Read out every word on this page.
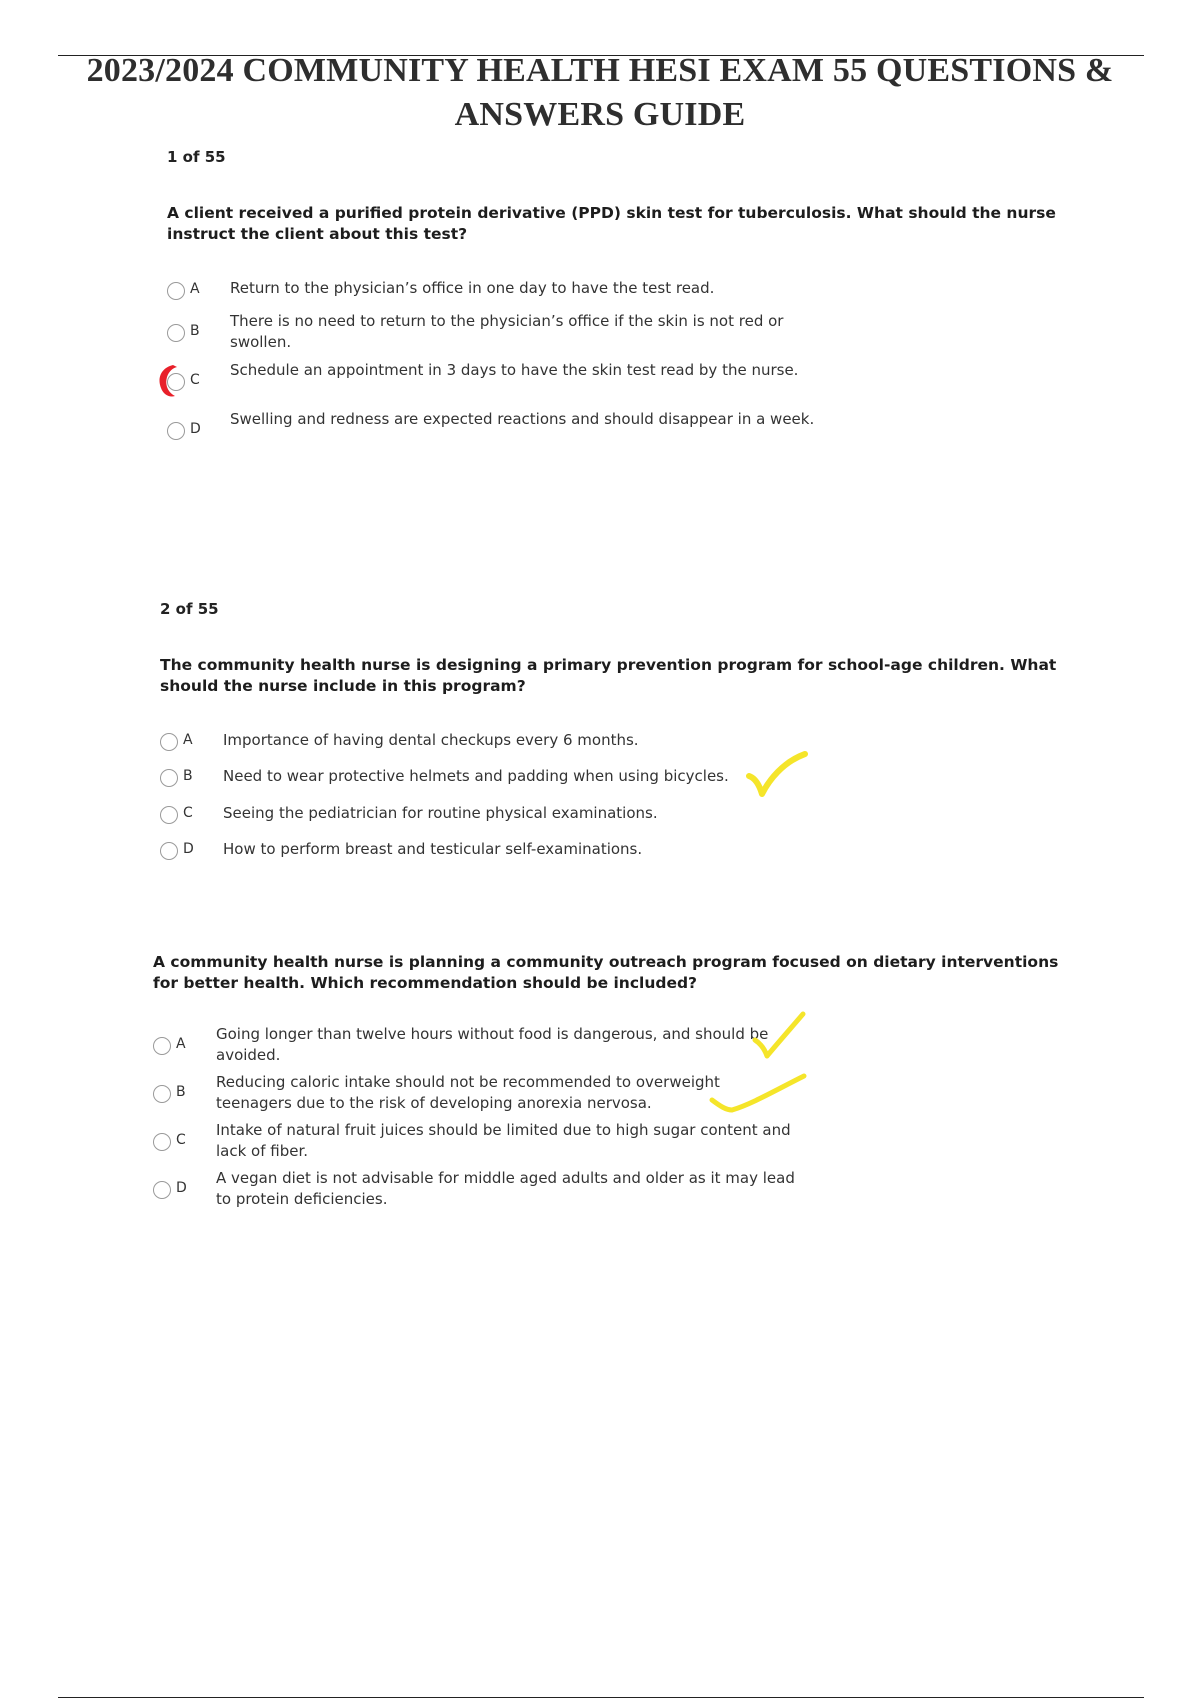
2023/2024 COMMUNITY HEALTH HESI EXAM 55 QUESTIONS & ANSWERS GUIDE
1 of 55

A client received a purified protein derivative (PPD) skin test for tuberculosis. What should the nurse instruct the client about this test?

A Return to the physician’s office in one day to have the test read.
B
There is no need to return to the physician’s office if the skin is not red or swollen.
C
Schedule an appointment in 3 days to have the skin test read by the nurse.
D
Swelling and redness are expected reactions and should disappear in a week.
2 of 55

The community health nurse is designing a primary prevention program for school-age children. What should the nurse include in this program?

A Importance of having dental checkups every 6 months.
B Need to wear protective helmets and padding when using bicycles.
C Seeing the pediatrician for routine physical examinations.
D How to perform breast and testicular self-examinations.

A community health nurse is planning a community outreach program focused on dietary interventions for better health. Which recommendation should be included?

A
Going longer than twelve hours without food is dangerous, and should be avoided.
B
Reducing caloric intake should not be recommended to overweight teenagers due to the risk of developing anorexia nervosa.
C
Intake of natural fruit juices should be limited due to high sugar content and lack of fiber.
D
A vegan diet is not advisable for middle aged adults and older as it may lead to protein deficiencies.
